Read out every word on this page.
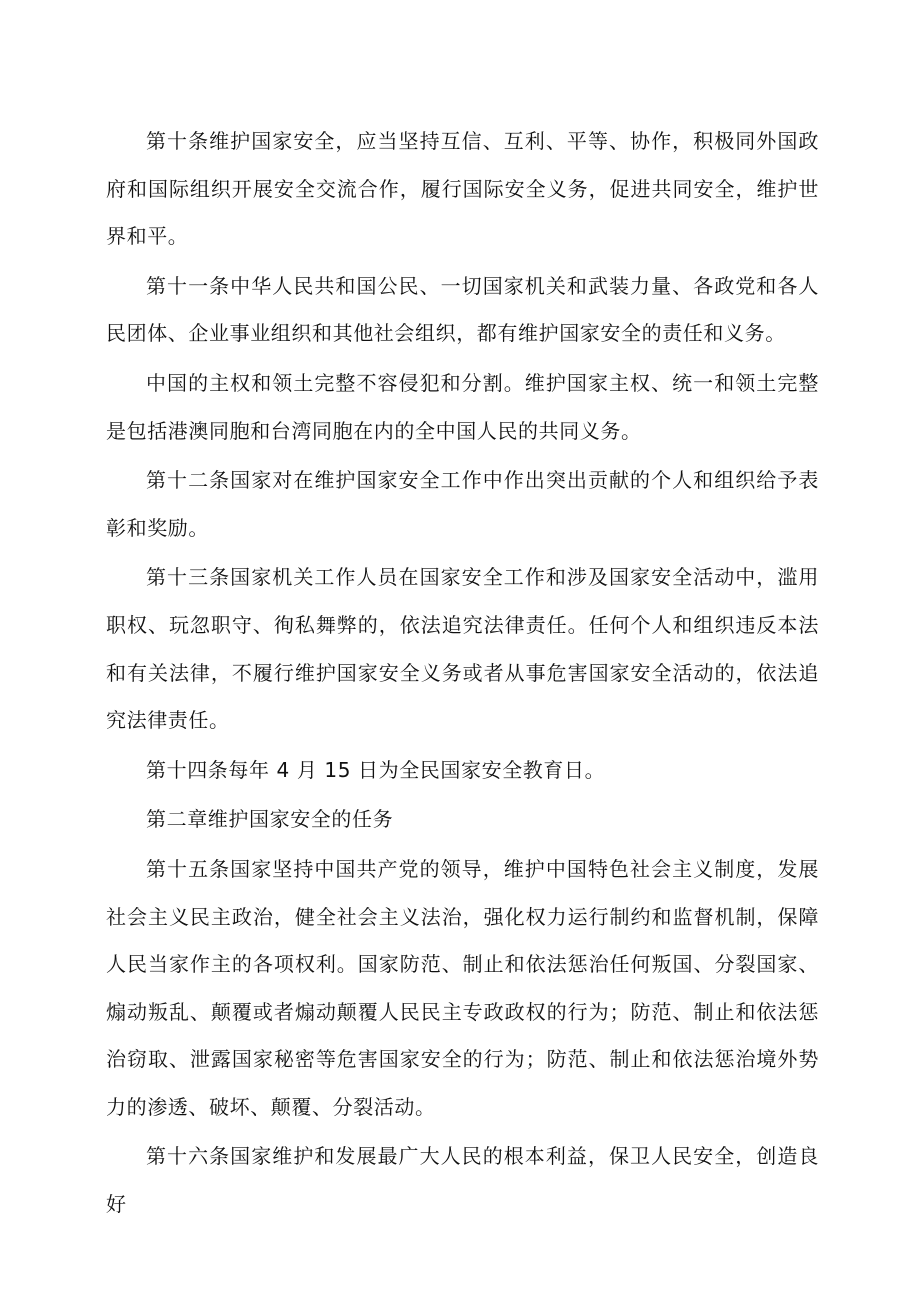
第十条维护国家安全，应当坚持互信、互利、平等、协作，积极同外国政府和国际组织开展安全交流合作，履行国际安全义务，促进共同安全，维护世界和平。

第十一条中华人民共和国公民、一切国家机关和武装力量、各政党和各人民团体、企业事业组织和其他社会组织，都有维护国家安全的责任和义务。

中国的主权和领土完整不容侵犯和分割。维护国家主权、统一和领土完整是包括港澳同胞和台湾同胞在内的全中国人民的共同义务。

第十二条国家对在维护国家安全工作中作出突出贡献的个人和组织给予表彰和奖励。

第十三条国家机关工作人员在国家安全工作和涉及国家安全活动中，滥用职权、玩忽职守、徇私舞弊的，依法追究法律责任。任何个人和组织违反本法和有关法律，不履行维护国家安全义务或者从事危害国家安全活动的，依法追究法律责任。

第十四条每年 4 月 15 日为全民国家安全教育日。

第二章维护国家安全的任务

第十五条国家坚持中国共产党的领导，维护中国特色社会主义制度，发展社会主义民主政治，健全社会主义法治，强化权力运行制约和监督机制，保障人民当家作主的各项权利。国家防范、制止和依法惩治任何叛国、分裂国家、煽动叛乱、颠覆或者煽动颠覆人民民主专政政权的行为；防范、制止和依法惩治窃取、泄露国家秘密等危害国家安全的行为；防范、制止和依法惩治境外势力的渗透、破坏、颠覆、分裂活动。

第十六条国家维护和发展最广大人民的根本利益，保卫人民安全，创造良好
